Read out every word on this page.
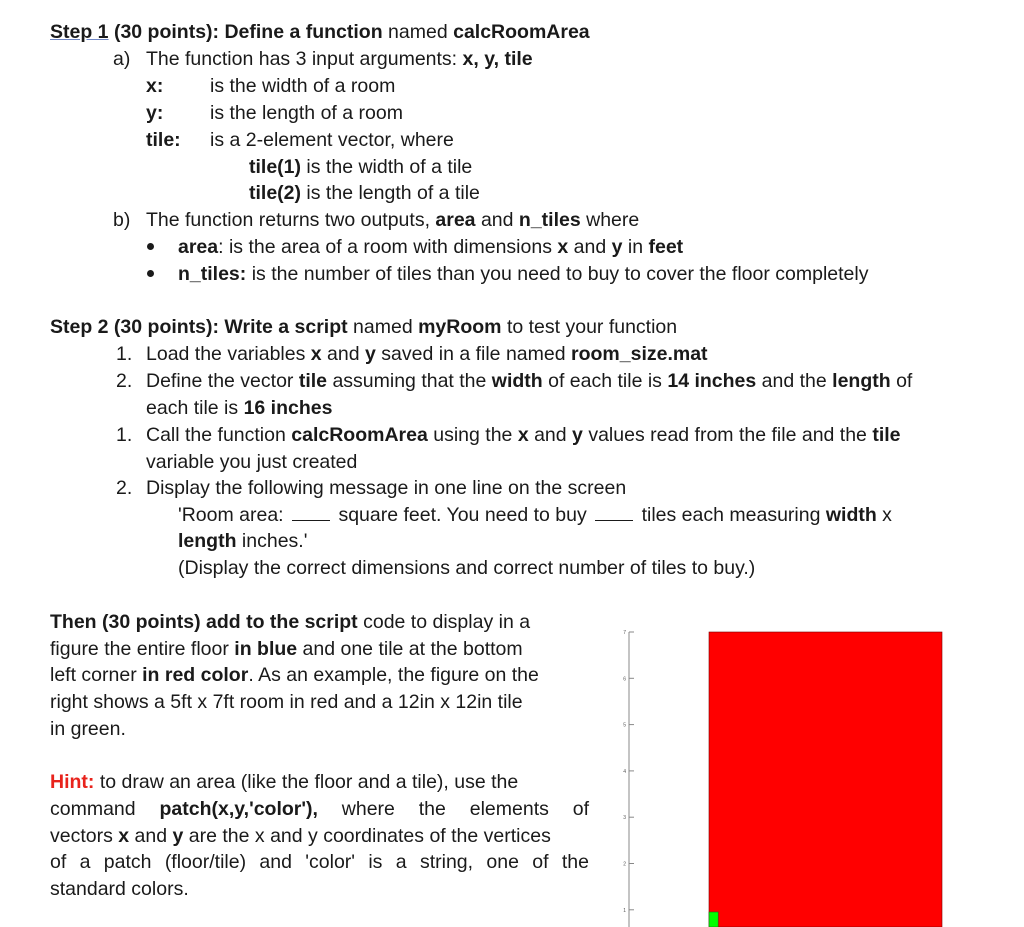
Step 1 (30 points): Define a function named calcRoomArea
a) The function has 3 input arguments: x, y, tile
x: is the width of a room
y: is the length of a room
tile: is a 2-element vector, where
tile(1) is the width of a tile
tile(2) is the length of a tile
b) The function returns two outputs, area and n_tiles where
area: is the area of a room with dimensions x and y in feet
n_tiles: is the number of tiles than you need to buy to cover the floor completely
Step 2 (30 points): Write a script named myRoom to test your function
1. Load the variables x and y saved in a file named room_size.mat
2. Define the vector tile assuming that the width of each tile is 14 inches and the length of
each tile is 16 inches
1. Call the function calcRoomArea using the x and y values read from the file and the tile
variable you just created
2. Display the following message in one line on the screen
'Room area:  square feet. You need to buy  tiles each measuring width x
length inches.'
(Display the correct dimensions and correct number of tiles to buy.)
Then (30 points) add to the script code to display in a
figure the entire floor in blue and one tile at the bottom
left corner in red color. As an example, the figure on the
right shows a 5ft x 7ft room in red and a 12in x 12in tile
in green.
Hint: to draw an area (like the floor and a tile), use the
command patch(x,y,'color'), where the elements of
vectors x and y are the x and y coordinates of the vertices
of a patch (floor/tile) and 'color' is a string, one of the
standard colors.
7
6
5
4
3
2
1
